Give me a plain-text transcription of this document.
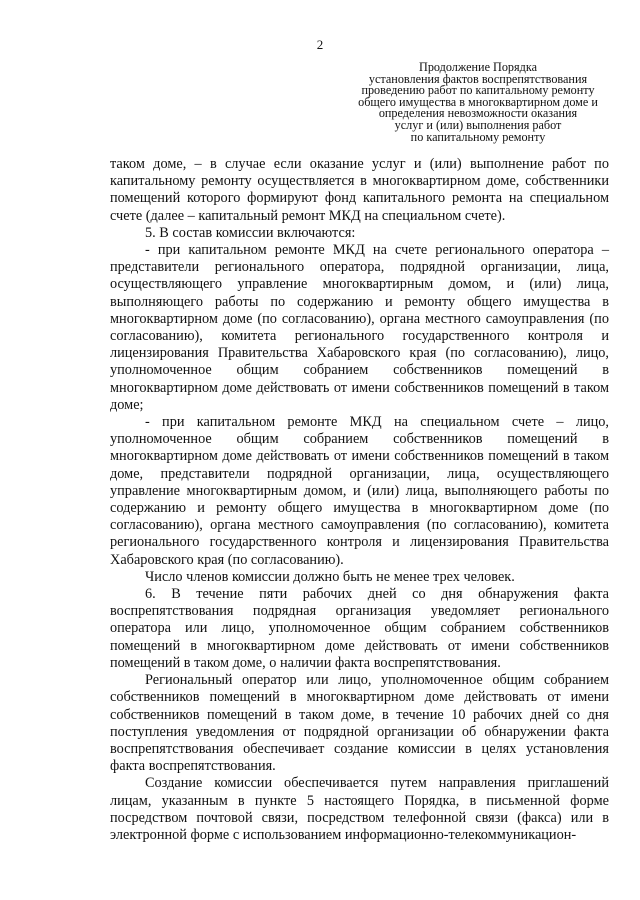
2
Продолжение Порядка
установления фактов воспрепятствования
проведению работ по капитальному ремонту
общего имущества в многоквартирном доме и
определения невозможности оказания
услуг и (или) выполнения работ
по капитальному ремонту

таком доме, – в случае если оказание услуг и (или) выполнение работ по капитальному ремонту осуществляется в многоквартирном доме, собственники помещений которого формируют фонд капитального ремонта на специальном счете (далее – капитальный ремонт МКД на специальном счете).

5. В состав комиссии включаются:

- при капитальном ремонте МКД на счете регионального оператора – представители регионального оператора, подрядной организации, лица, осуществляющего управление многоквартирным домом, и (или) лица, выполняющего работы по содержанию и ремонту общего имущества в многоквартирном доме (по согласованию), органа местного самоуправления (по согласованию), комитета регионального государственного контроля и лицензирования Правительства Хабаровского края (по согласованию), лицо, уполномоченное общим собранием собственников помещений в многоквартирном доме действовать от имени собственников помещений в таком доме;

- при капитальном ремонте МКД на специальном счете – лицо, уполномоченное общим собранием собственников помещений в многоквартирном доме действовать от имени собственников помещений в таком доме, представители подрядной организации, лица, осуществляющего управление многоквартирным домом, и (или) лица, выполняющего работы по содержанию и ремонту общего имущества в многоквартирном доме (по согласованию), органа местного самоуправления (по согласованию), комитета регионального государственного контроля и лицензирования Правительства Хабаровского края (по согласованию).

Число членов комиссии должно быть не менее трех человек.

6. В течение пяти рабочих дней со дня обнаружения факта воспрепятствования подрядная организация уведомляет регионального оператора или лицо, уполномоченное общим собранием собственников помещений в многоквартирном доме действовать от имени собственников помещений в таком доме, о наличии факта воспрепятствования.

Региональный оператор или лицо, уполномоченное общим собранием собственников помещений в многоквартирном доме действовать от имени собственников помещений в таком доме, в течение 10 рабочих дней со дня поступления уведомления от подрядной организации об обнаружении факта воспрепятствования обеспечивает создание комиссии в целях установления факта воспрепятствования.

Создание комиссии обеспечивается путем направления приглашений лицам, указанным в пункте 5 настоящего Порядка, в письменной форме посредством почтовой связи, посредством телефонной связи (факса) или в электронной форме с использованием информационно-телекоммуникацион-
